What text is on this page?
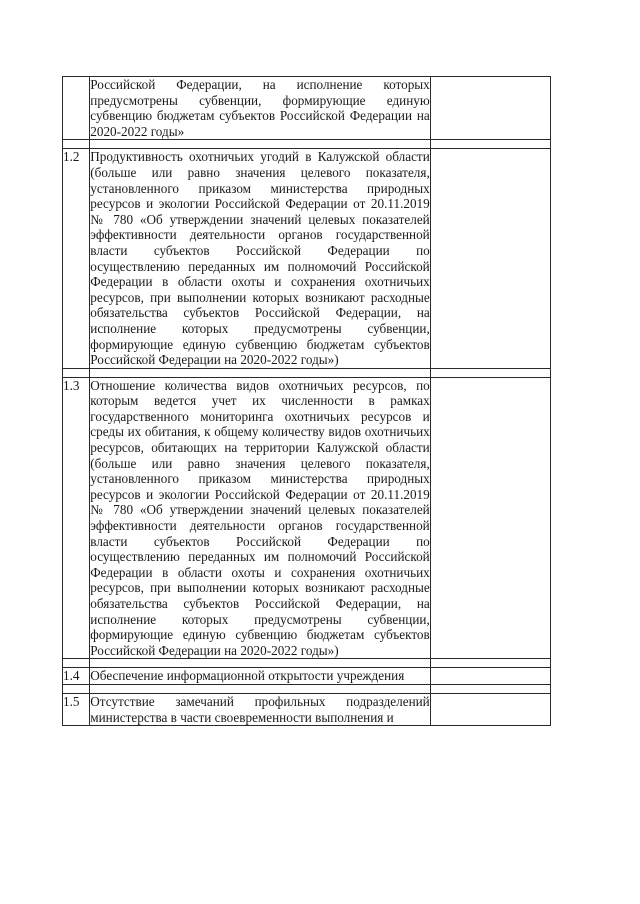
	Российской Федерации, на исполнение которых предусмотрены субвенции, формирующие единую субвенцию бюджетам субъектов Российской Федерации на 2020-2022 годы»	

1.2	Продуктивность охотничьих угодий в Калужской области (больше или равно значения целевого показателя, установленного приказом министерства природных ресурсов и экологии Российской Федерации от 20.11.2019 № 780 «Об утверждении значений целевых показателей эффективности деятельности органов государственной власти субъектов Российской Федерации по осуществлению переданных им полномочий Российской Федерации в области охоты и сохранения охотничьих ресурсов, при выполнении которых возникают расходные обязательства субъектов Российской Федерации, на исполнение которых предусмотрены субвенции, формирующие единую субвенцию бюджетам субъектов Российской Федерации на 2020-2022 годы»)	

1.3	Отношение количества видов охотничьих ресурсов, по которым ведется учет их численности в рамках государственного мониторинга охотничьих ресурсов и среды их обитания, к общему количеству видов охотничьих ресурсов, обитающих на территории Калужской области (больше или равно значения целевого показателя, установленного приказом министерства природных ресурсов и экологии Российской Федерации от 20.11.2019 № 780 «Об утверждении значений целевых показателей эффективности деятельности органов государственной власти субъектов Российской Федерации по осуществлению переданных им полномочий Российской Федерации в области охоты и сохранения охотничьих ресурсов, при выполнении которых возникают расходные обязательства субъектов Российской Федерации, на исполнение которых предусмотрены субвенции, формирующие единую субвенцию бюджетам субъектов Российской Федерации на 2020-2022 годы»)	

1.4	Обеспечение информационной открытости учреждения	

1.5	Отсутствие замечаний профильных подразделений министерства в части своевременности выполнения и	
